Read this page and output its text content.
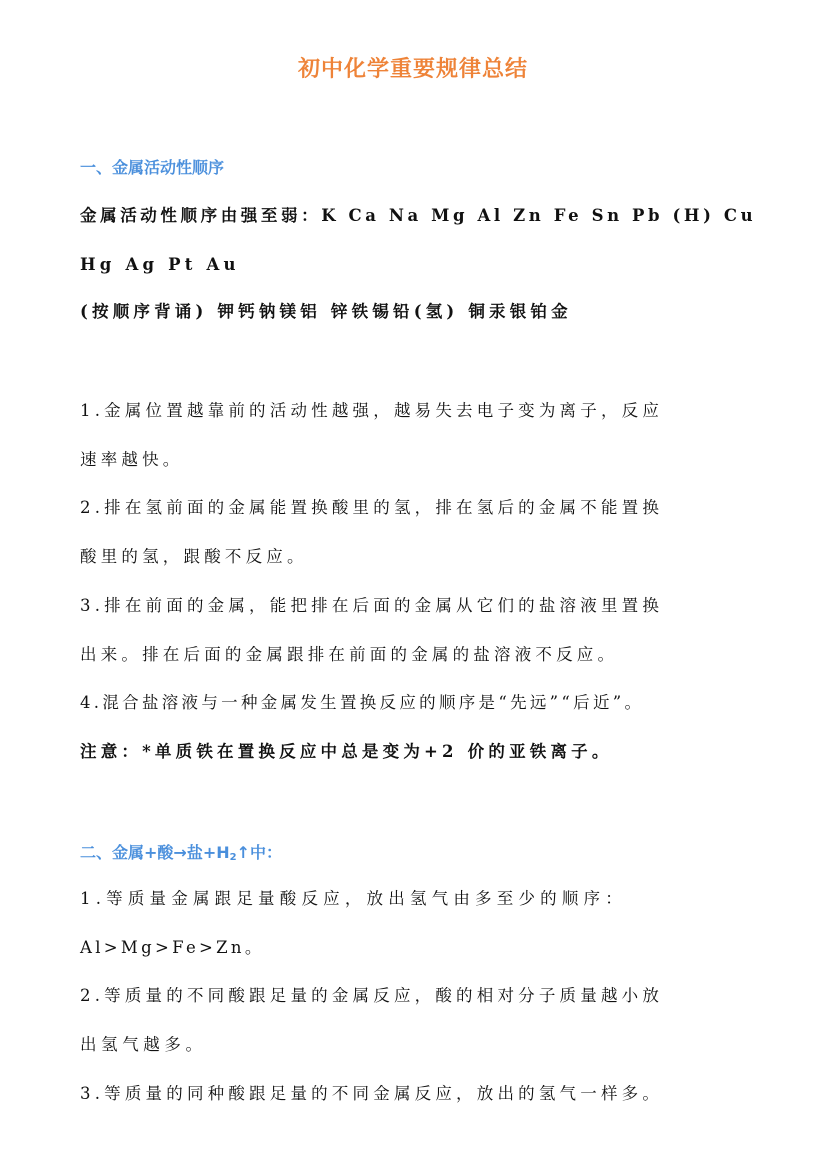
初中化学重要规律总结
一、金属活动性顺序
金属活动性顺序由强至弱：K Ca Na Mg Al Zn Fe Sn Pb (H) Cu
Hg Ag Pt Au
(按顺序背诵) 钾钙钠镁铝 锌铁锡铅(氢) 铜汞银铂金
1.金属位置越靠前的活动性越强，越易失去电子变为离子，反应
速率越快。
2.排在氢前面的金属能置换酸里的氢，排在氢后的金属不能置换
酸里的氢，跟酸不反应。
3.排在前面的金属，能把排在后面的金属从它们的盐溶液里置换
出来。排在后面的金属跟排在前面的金属的盐溶液不反应。
4.混合盐溶液与一种金属发生置换反应的顺序是“先远”“后近”。
注意：*单质铁在置换反应中总是变为+2 价的亚铁离子。
二、金属+酸→盐$+H_2↑$中：
1.等质量金属跟足量酸反应，放出氢气由多至少的顺序：
Al>Mg>Fe>Zn。
2.等质量的不同酸跟足量的金属反应，酸的相对分子质量越小放
出氢气越多。
3.等质量的同种酸跟足量的不同金属反应，放出的氢气一样多。
